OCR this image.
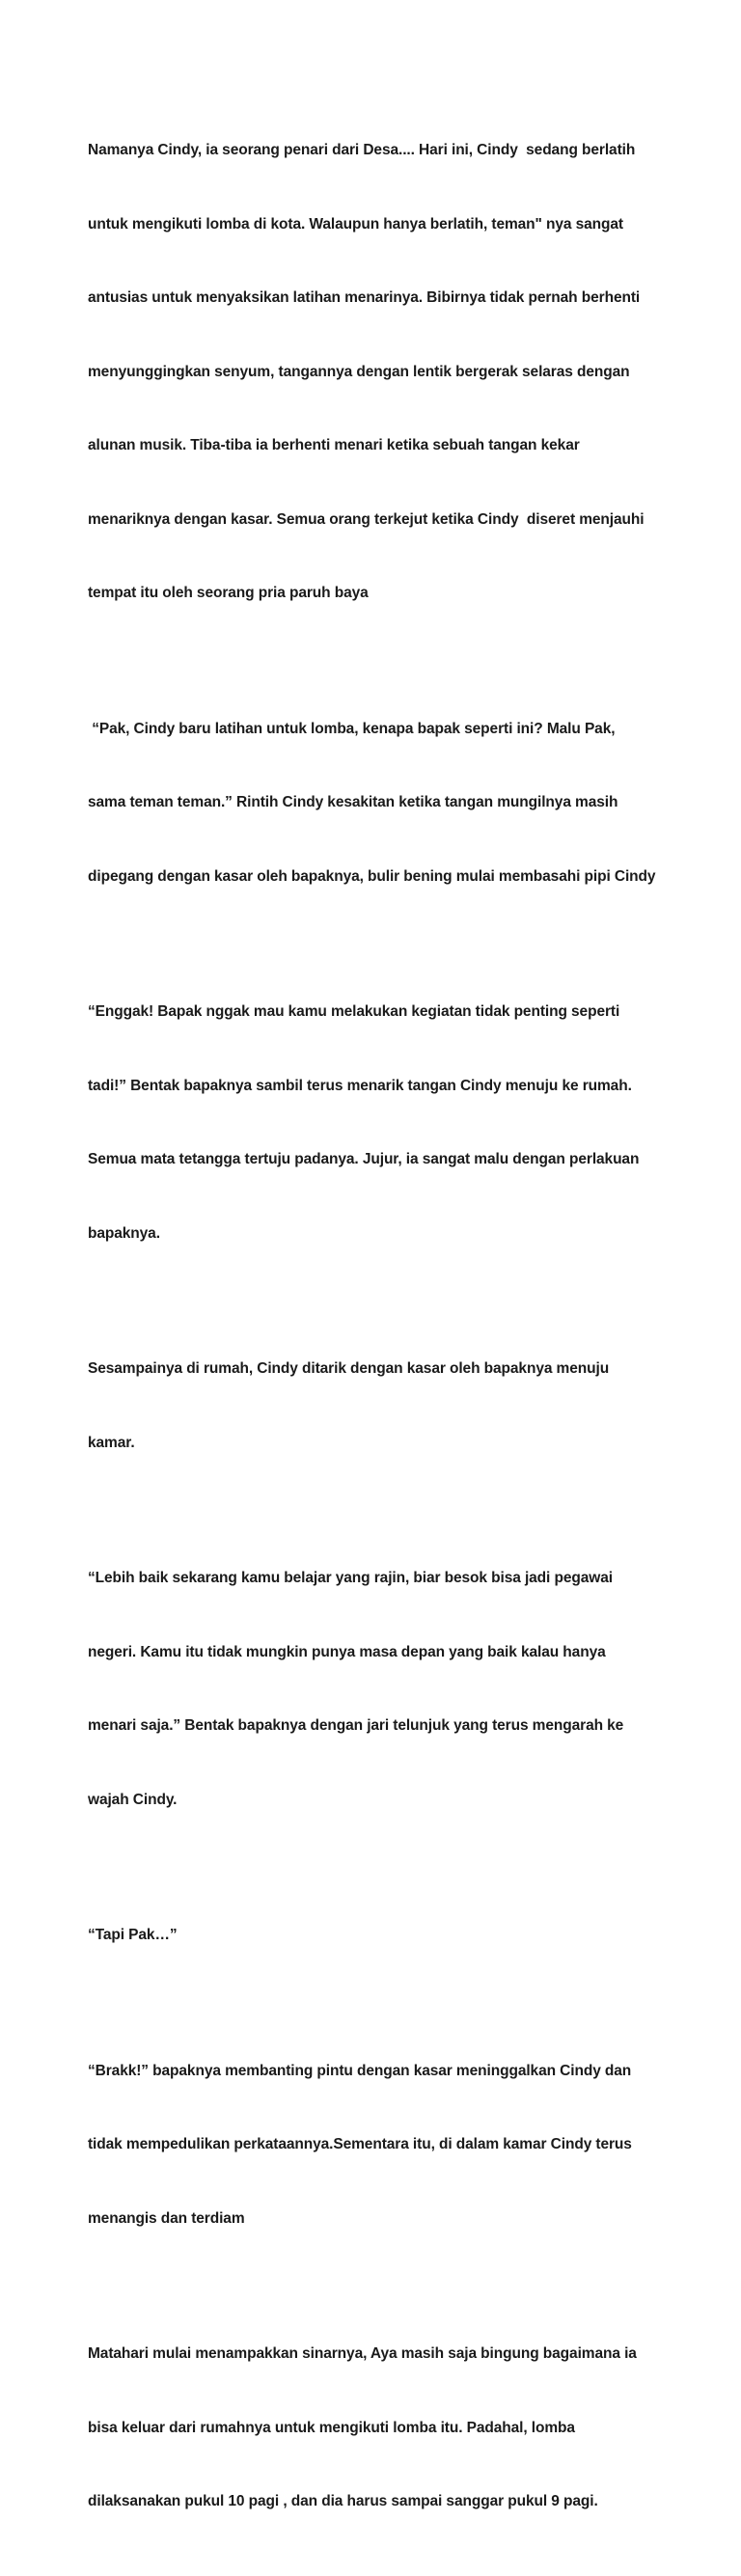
Namanya Cindy, ia seorang penari dari Desa.... Hari ini, Cindy  sedang berlatih

untuk mengikuti lomba di kota. Walaupun hanya berlatih, teman" nya sangat

antusias untuk menyaksikan latihan menarinya. Bibirnya tidak pernah berhenti

menyunggingkan senyum, tangannya dengan lentik bergerak selaras dengan

alunan musik. Tiba-tiba ia berhenti menari ketika sebuah tangan kekar

menariknya dengan kasar. Semua orang terkejut ketika Cindy  diseret menjauhi

tempat itu oleh seorang pria paruh baya

“Pak, Cindy baru latihan untuk lomba, kenapa bapak seperti ini? Malu Pak,

sama teman teman.” Rintih Cindy kesakitan ketika tangan mungilnya masih

dipegang dengan kasar oleh bapaknya, bulir bening mulai membasahi pipi Cindy

“Enggak! Bapak nggak mau kamu melakukan kegiatan tidak penting seperti

tadi!” Bentak bapaknya sambil terus menarik tangan Cindy menuju ke rumah.

Semua mata tetangga tertuju padanya. Jujur, ia sangat malu dengan perlakuan

bapaknya.

Sesampainya di rumah, Cindy ditarik dengan kasar oleh bapaknya menuju

kamar.

“Lebih baik sekarang kamu belajar yang rajin, biar besok bisa jadi pegawai

negeri. Kamu itu tidak mungkin punya masa depan yang baik kalau hanya

menari saja.” Bentak bapaknya dengan jari telunjuk yang terus mengarah ke

wajah Cindy.

“Tapi Pak…”

“Brakk!” bapaknya membanting pintu dengan kasar meninggalkan Cindy dan

tidak mempedulikan perkataannya.Sementara itu, di dalam kamar Cindy terus

menangis dan terdiam

Matahari mulai menampakkan sinarnya, Aya masih saja bingung bagaimana ia

bisa keluar dari rumahnya untuk mengikuti lomba itu. Padahal, lomba

dilaksanakan pukul 10 pagi , dan dia harus sampai sanggar pukul 9 pagi.
